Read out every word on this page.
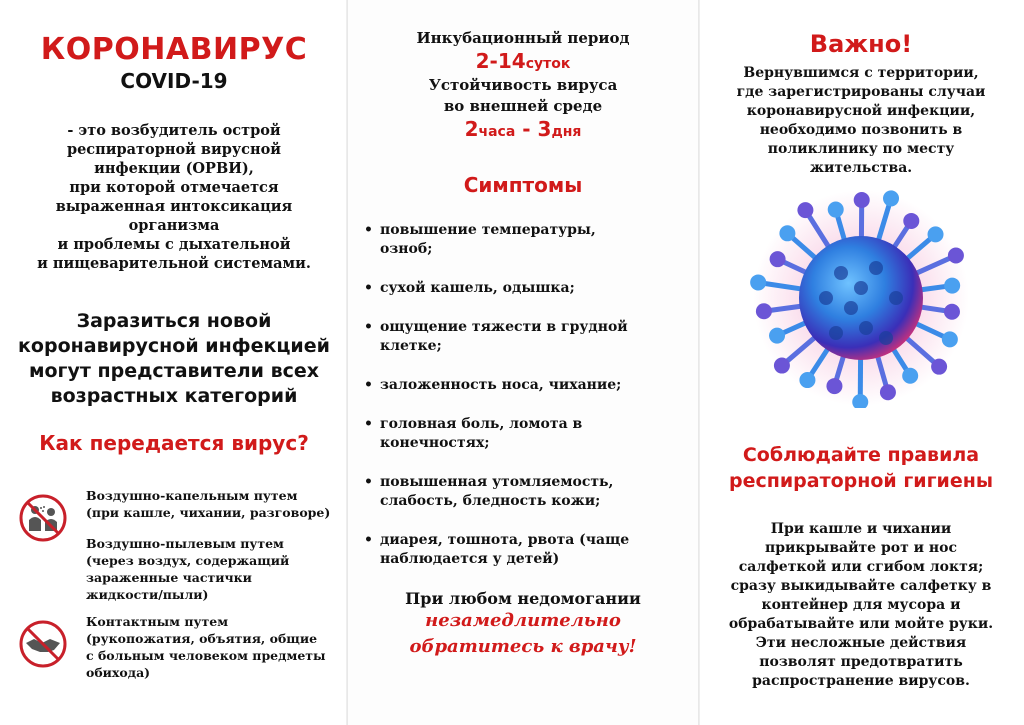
КОРОНАВИРУС
COVID-19
- это возбудитель острой
респираторной вирусной
инфекции (ОРВИ),
при которой отмечается
выраженная интоксикация
организма
и проблемы с дыхательной
и пищеварительной системами.
Заразиться новой
коронавирусной инфекцией
могут представители всех
возрастных категорий
Как передается вирус?
Воздушно-капельным путем
(при кашле, чихании, разговоре)
Воздушно-пылевым путем
(через воздух, содержащий
зараженные частички
жидкости/пыли)
Контактным путем
(рукопожатия, объятия, общие
с больным человеком предметы
обихода)
Инкубационный период
2-14суток
Устойчивость вируса
во внешней среде
2часа - 3дня
Симптомы
• повышение температуры,
озноб;
• сухой кашель, одышка;
• ощущение тяжести в грудной
клетке;
• заложенность носа, чихание;
• головная боль, ломота в
конечностях;
• повышенная утомляемость,
слабость, бледность кожи;
• диарея, тошнота, рвота (чаще
наблюдается у детей)
При любом недомогании
незамедлительно
обратитесь к врачу!
Важно!
Вернувшимся с территории,
где зарегистрированы случаи
коронавирусной инфекции,
необходимо позвонить в
поликлинику по месту
жительства.
Соблюдайте правила
респираторной гигиены
При кашле и чихании
прикрывайте рот и нос
салфеткой или сгибом локтя;
сразу выкидывайте салфетку в
контейнер для мусора и
обрабатывайте или мойте руки.
Эти несложные действия
позволят предотвратить
распространение вирусов.
